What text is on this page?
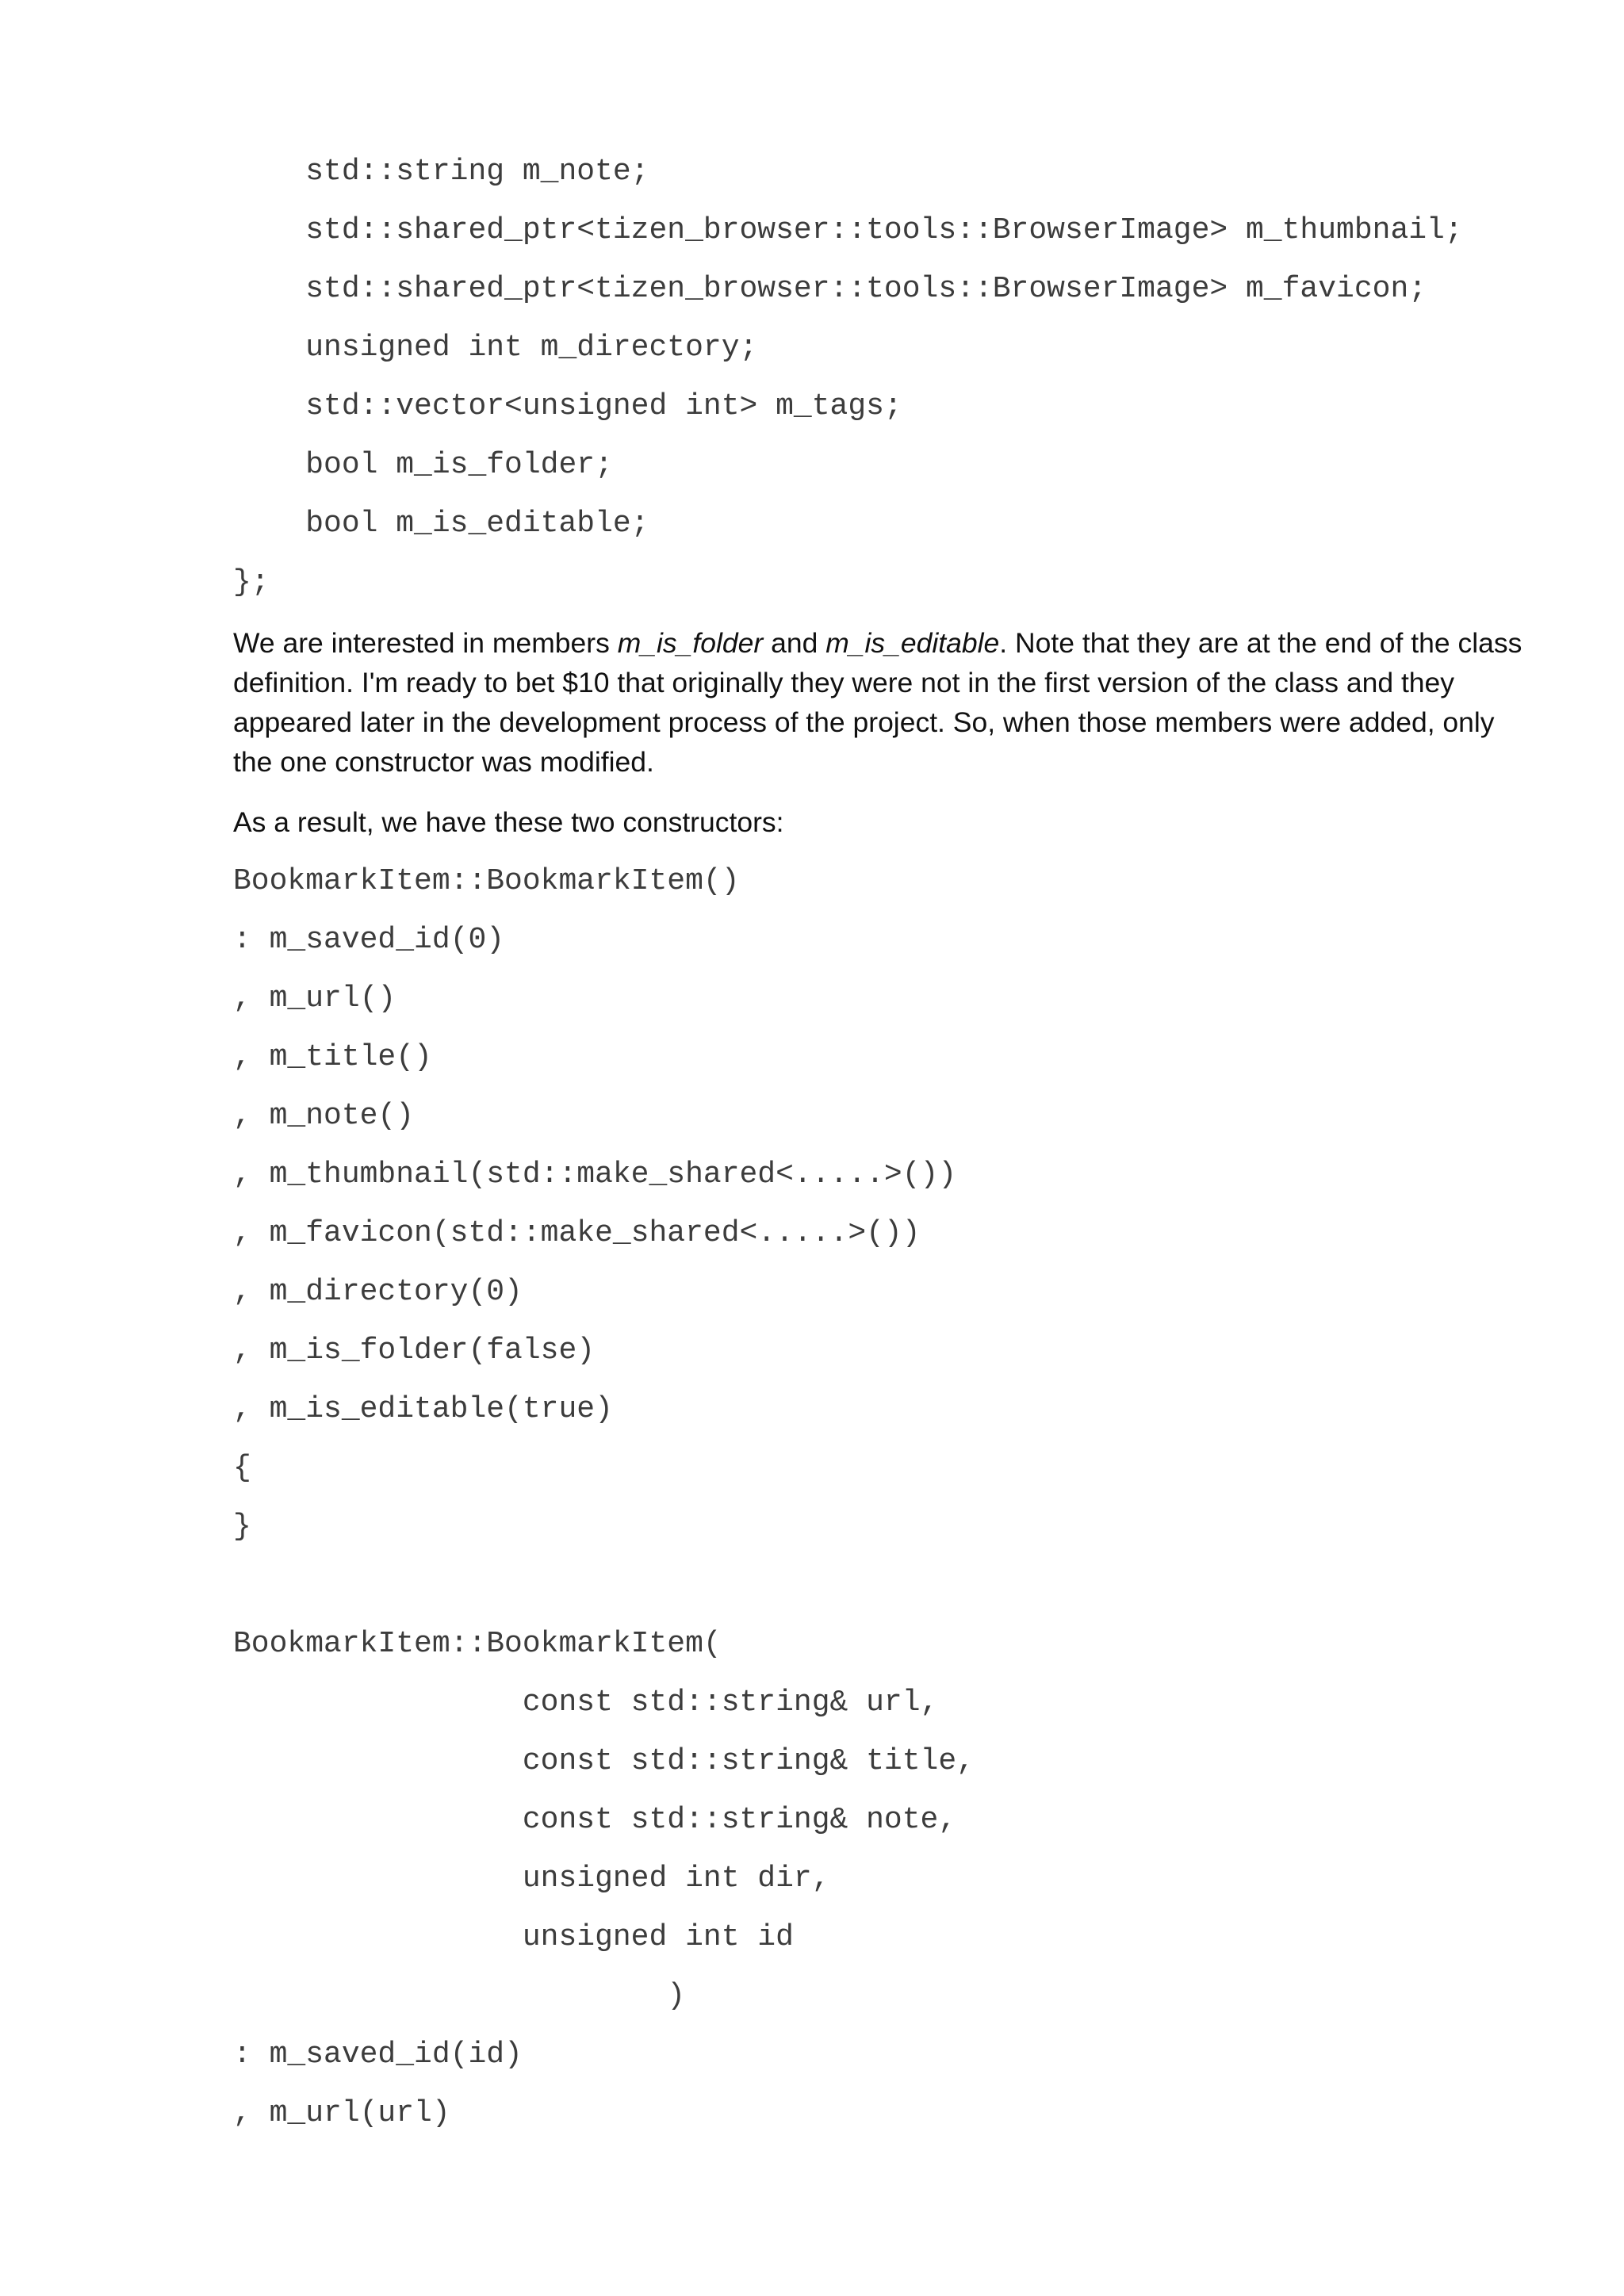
std::string m_note;
std::shared_ptr<tizen_browser::tools::BrowserImage> m_thumbnail;
std::shared_ptr<tizen_browser::tools::BrowserImage> m_favicon;
unsigned int m_directory;
std::vector<unsigned int> m_tags;
bool m_is_folder;
bool m_is_editable;
};

We are interested in members m_is_folder and m_is_editable. Note that they are at the end of the class definition. I'm ready to bet $10 that originally they were not in the first version of the class and they appeared later in the development process of the project. So, when those members were added, only the one constructor was modified.

As a result, we have these two constructors:

BookmarkItem::BookmarkItem()
: m_saved_id(0)
, m_url()
, m_title()
, m_note()
, m_thumbnail(std::make_shared<.....>())
, m_favicon(std::make_shared<.....>())
, m_directory(0)
, m_is_folder(false)
, m_is_editable(true)
{
}
BookmarkItem::BookmarkItem(
const std::string& url,
const std::string& title,
const std::string& note,
unsigned int dir,
unsigned int id
)
: m_saved_id(id)
, m_url(url)
